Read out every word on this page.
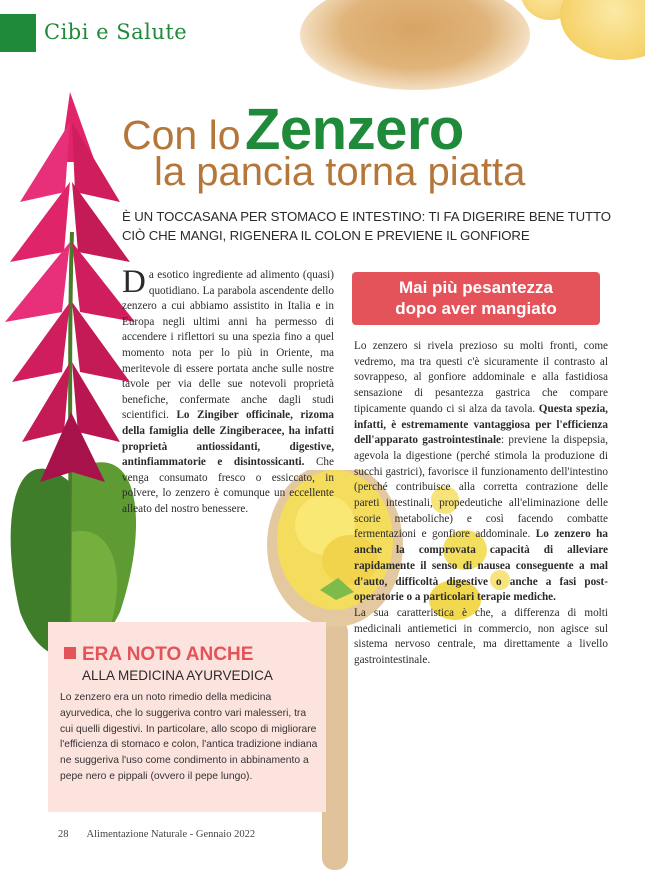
Cibi e Salute
Con lo Zenzero
la pancia torna piatta
È UN TOCCASANA PER STOMACO E INTESTINO: TI FA DIGERIRE BENE TUTTO CIÒ CHE MANGI, RIGENERA IL COLON E PREVIENE IL GONFIORE
Da esotico ingrediente ad alimento (quasi) quotidiano. La parabola ascendente dello zenzero a cui abbiamo assistito in Italia e in Europa negli ultimi anni ha permesso di accendere i riflettori su una spezia fino a quel momento nota per lo più in Oriente, ma meritevole di essere portata anche sulle nostre tavole per via delle sue notevoli proprietà benefiche, confermate anche dagli studi scientifici. Lo Zingiber officinale, rizoma della famiglia delle Zingiberacee, ha infatti proprietà antiossidanti, digestive, antinfiammatorie e disintossicanti. Che venga consumato fresco o essiccato, in polvere, lo zenzero è comunque un eccellente alleato del nostro benessere.
Mai più pesantezza
dopo aver mangiato

Lo zenzero si rivela prezioso su molti fronti, come vedremo, ma tra questi c'è sicuramente il contrasto al sovrappeso, al gonfiore addominale e alla fastidiosa sensazione di pesantezza gastrica che compare tipicamente quando ci si alza da tavola. Questa spezia, infatti, è estremamente vantaggiosa per l'efficienza dell'apparato gastrointestinale: previene la dispepsia, agevola la digestione (perché stimola la produzione di succhi gastrici), favorisce il funzionamento dell'intestino (perché contribuisce alla corretta contrazione delle pareti intestinali, propedeutiche all'eliminazione delle scorie metaboliche) e così facendo combatte fermentazioni e gonfiore addominale. Lo zenzero ha anche la comprovata capacità di alleviare rapidamente il senso di nausea conseguente a mal d'auto, difficoltà digestive o anche a fasi post-operatorie o a particolari terapie mediche.

La sua caratteristica è che, a differenza di molti medicinali antiemetici in commercio, non agisce sul sistema nervoso centrale, ma direttamente a livello gastrointestinale.

ERA NOTO ANCHE
ALLA MEDICINA AYURVEDICA
Lo zenzero era un noto rimedio della medicina ayurvedica, che lo suggeriva contro vari malesseri, tra cui quelli digestivi. In particolare, allo scopo di migliorare l'efficienza di stomaco e colon, l'antica tradizione indiana ne suggeriva l'uso come condimento in abbinamento a pepe nero e pippali (ovvero il pepe lungo).
28 Alimentazione Naturale - Gennaio 2022
